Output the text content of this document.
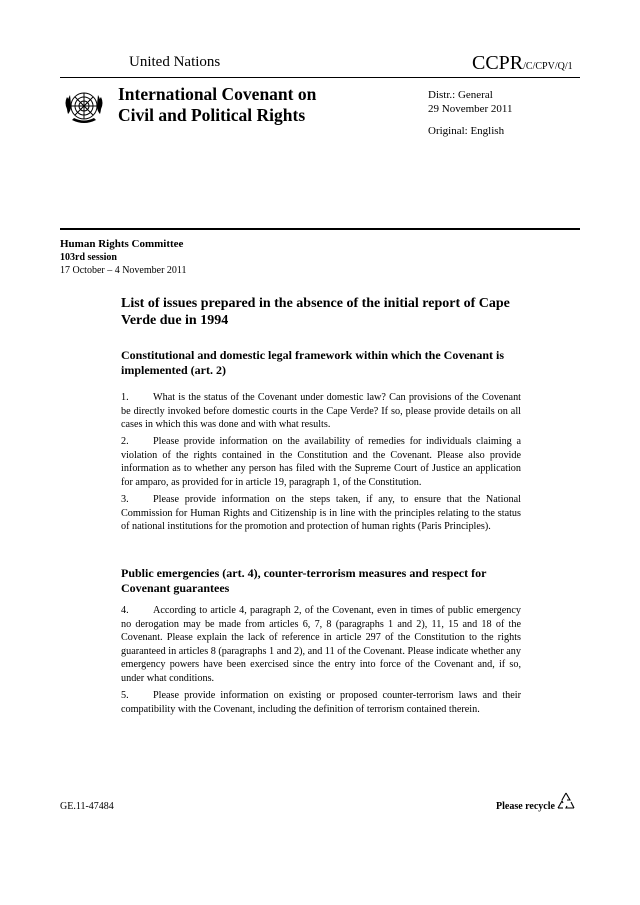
United Nations	CCPR/C/CPV/Q/1
International Covenant on
Civil and Political Rights
Distr.: General
29 November 2011
Original: English
Human Rights Committee
103rd session
17 October – 4 November 2011
List of issues prepared in the absence of the initial report of Cape Verde due in 1994
Constitutional and domestic legal framework within which the Covenant is implemented (art. 2)
1. What is the status of the Covenant under domestic law? Can provisions of the Covenant be directly invoked before domestic courts in the Cape Verde? If so, please provide details on all cases in which this was done and with what results.
2. Please provide information on the availability of remedies for individuals claiming a violation of the rights contained in the Constitution and the Covenant. Please also provide information as to whether any person has filed with the Supreme Court of Justice an application for amparo, as provided for in article 19, paragraph 1, of the Constitution.
3. Please provide information on the steps taken, if any, to ensure that the National Commission for Human Rights and Citizenship is in line with the principles relating to the status of national institutions for the promotion and protection of human rights (Paris Principles).
Public emergencies (art. 4), counter-terrorism measures and respect for Covenant guarantees
4. According to article 4, paragraph 2, of the Covenant, even in times of public emergency no derogation may be made from articles 6, 7, 8 (paragraphs 1 and 2), 11, 15 and 18 of the Covenant. Please explain the lack of reference in article 297 of the Constitution to the rights guaranteed in articles 8 (paragraphs 1 and 2), and 11 of the Covenant. Please indicate whether any emergency powers have been exercised since the entry into force of the Covenant and, if so, under what conditions.
5. Please provide information on existing or proposed counter-terrorism laws and their compatibility with the Covenant, including the definition of terrorism contained therein.
GE.11-47484	Please recycle
